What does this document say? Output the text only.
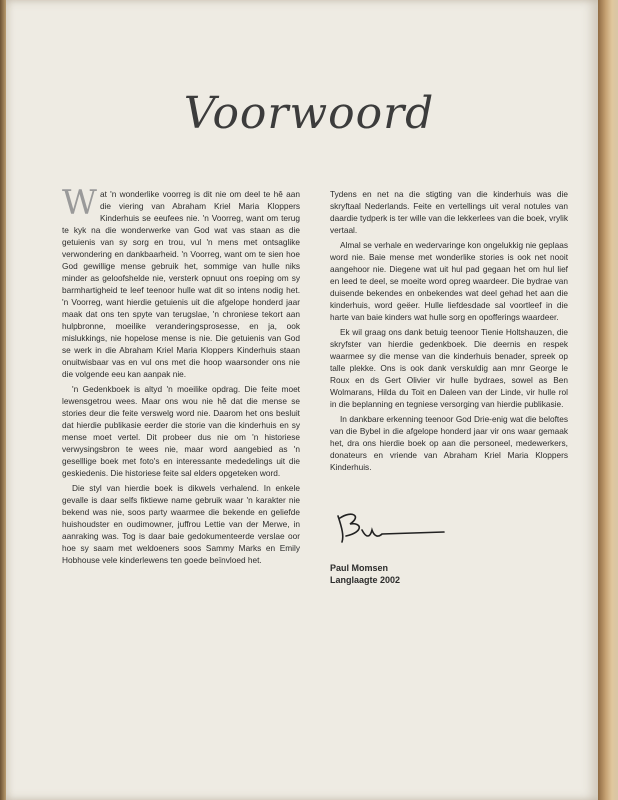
Voorwoord

Wat 'n wonderlike voorreg is dit nie om deel te hê aan die viering van Abraham Kriel Maria Kloppers Kinderhuis se eeufees nie. 'n Voorreg, want om terug te kyk na die wonderwerke van God wat vas staan as die getuienis van sy sorg en trou, vul 'n mens met ontsaglike verwondering en dankbaarheid. 'n Voorreg, want om te sien hoe God gewillige mense gebruik het, sommige van hulle niks minder as geloofshelde nie, versterk opnuut ons roeping om sy barmhartigheid te leef teenoor hulle wat dit so intens nodig het. 'n Voorreg, want hierdie getuienis uit die afgelope honderd jaar maak dat ons ten spyte van terugslae, 'n chroniese tekort aan hulpbronne, moeilike veranderingsprosesse, en ja, ook mislukkings, nie hopelose mense is nie. Die getuienis van God se werk in die Abraham Kriel Maria Kloppers Kinderhuis staan onuitwisbaar vas en vul ons met die hoop waarsonder ons nie die volgende eeu kan aanpak nie.

'n Gedenkboek is altyd 'n moeilike opdrag. Die feite moet lewensgetrou wees. Maar ons wou nie hê dat die mense se stories deur die feite verswelg word nie. Daarom het ons besluit dat hierdie publikasie eerder die storie van die kinderhuis en sy mense moet vertel. Dit probeer dus nie om 'n historiese verwysingsbron te wees nie, maar word aangebied as 'n geselllige boek met foto's en interessante mededelings uit die geskiedenis. Die historiese feite sal elders opgeteken word.

Die styl van hierdie boek is dikwels verhalend. In enkele gevalle is daar selfs fiktiewe name gebruik waar 'n karakter nie bekend was nie, soos party waarmee die bekende en geliefde huishoudster en oudimowner, juffrou Lettie van der Merwe, in aanraking was. Tog is daar baie gedokumenteerde verslae oor hoe sy saam met weldoeners soos Sammy Marks en Emily Hobhouse vele kinderlewens ten goede beïnvloed het.

Tydens en net na die stigting van die kinderhuis was die skryftaal Nederlands. Feite en vertellings uit veral notules van daardie tydperk is ter wille van die lekkerlees van die boek, vrylik vertaal.

Almal se verhale en wedervaringe kon ongelukkig nie geplaas word nie. Baie mense met wonderlike stories is ook net nooit aangehoor nie. Diegene wat uit hul pad gegaan het om hul lief en leed te deel, se moeite word opreg waardeer. Die bydrae van duisende bekendes en onbekendes wat deel gehad het aan die kinderhuis, word geëer. Hulle liefdesdade sal voortleef in die harte van baie kinders wat hulle sorg en opofferings waardeer.

Ek wil graag ons dank betuig teenoor Tienie Holtshauzen, die skryfster van hierdie gedenkboek. Die deernis en respek waarmee sy die mense van die kinderhuis benader, spreek op talle plekke. Ons is ook dank verskuldig aan mnr George le Roux en ds Gert Olivier vir hulle bydraes, sowel as Ben Wolmarans, Hilda du Toit en Daleen van der Linde, vir hulle rol in die beplanning en tegniese versorging van hierdie publikasie.

In dankbare erkenning teenoor God Drie-enig wat die beloftes van die Bybel in die afgelope honderd jaar vir ons waar gemaak het, dra ons hierdie boek op aan die personeel, medewerkers, donateurs en vriende van Abraham Kriel Maria Kloppers Kinderhuis.

Paul Momsen
Langlaagte 2002
